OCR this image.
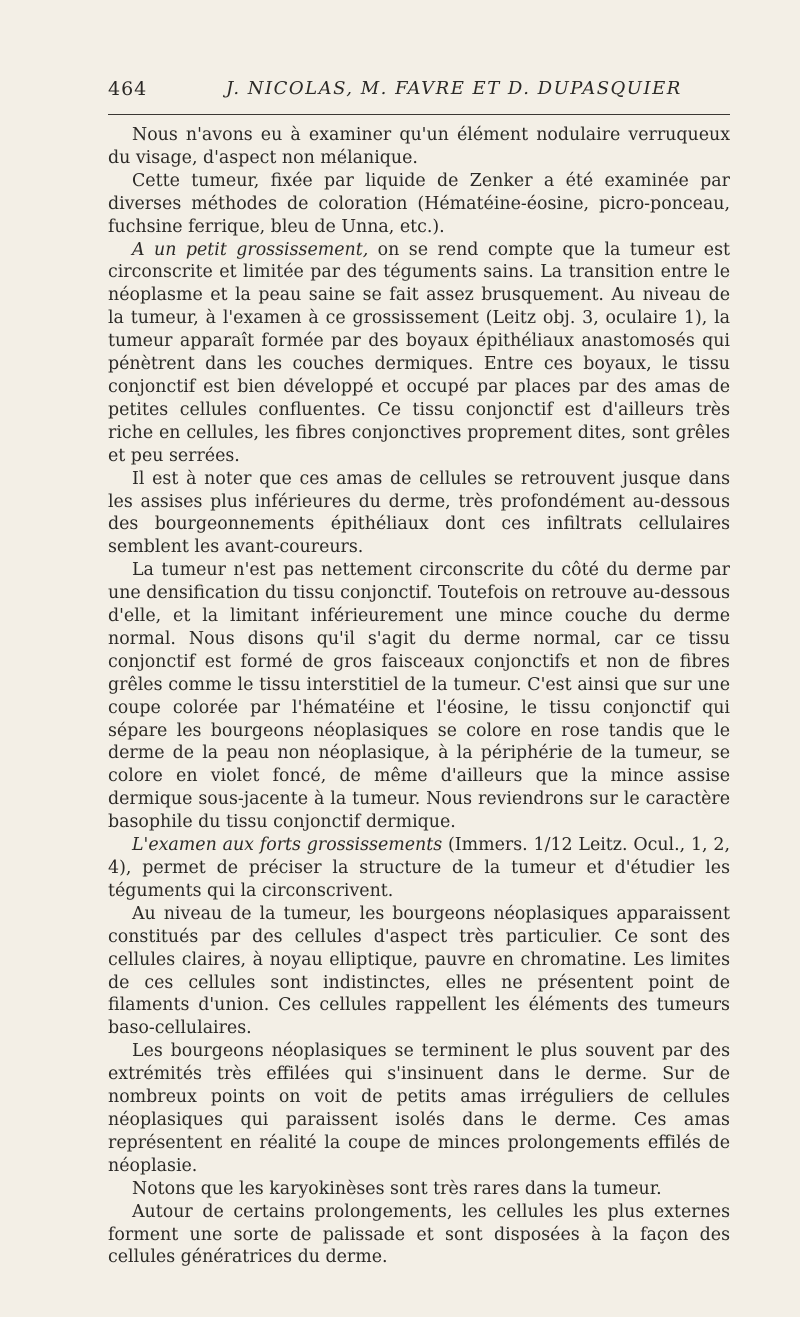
464	J. NICOLAS, M. FAVRE ET D. DUPASQUIER

Nous n'avons eu à examiner qu'un élément nodulaire verruqueux du visage, d'aspect non mélanique.

Cette tumeur, fixée par liquide de Zenker a été examinée par diverses méthodes de coloration (Hématéine-éosine, picro-ponceau, fuchsine ferrique, bleu de Unna, etc.).

A un petit grossissement, on se rend compte que la tumeur est circonscrite et limitée par des téguments sains. La transition entre le néoplasme et la peau saine se fait assez brusquement. Au niveau de la tumeur, à l'examen à ce grossissement (Leitz obj. 3, oculaire 1), la tumeur apparaît formée par des boyaux épithéliaux anastomosés qui pénètrent dans les couches dermiques. Entre ces boyaux, le tissu conjonctif est bien développé et occupé par places par des amas de petites cellules confluentes. Ce tissu conjonctif est d'ailleurs très riche en cellules, les fibres conjonctives proprement dites, sont grêles et peu serrées.

Il est à noter que ces amas de cellules se retrouvent jusque dans les assises plus inférieures du derme, très profondément au-dessous des bourgeonnements épithéliaux dont ces infiltrats cellulaires semblent les avant-coureurs.

La tumeur n'est pas nettement circonscrite du côté du derme par une densification du tissu conjonctif. Toutefois on retrouve au-dessous d'elle, et la limitant inférieurement une mince couche du derme normal. Nous disons qu'il s'agit du derme normal, car ce tissu conjonctif est formé de gros faisceaux conjonctifs et non de fibres grêles comme le tissu interstitiel de la tumeur. C'est ainsi que sur une coupe colorée par l'hématéine et l'éosine, le tissu conjonctif qui sépare les bourgeons néoplasiques se colore en rose tandis que le derme de la peau non néoplasique, à la périphérie de la tumeur, se colore en violet foncé, de même d'ailleurs que la mince assise dermique sous-jacente à la tumeur. Nous reviendrons sur le caractère basophile du tissu conjonctif dermique.

L'examen aux forts grossissements (Immers. 1/12 Leitz. Ocul., 1, 2, 4), permet de préciser la structure de la tumeur et d'étudier les téguments qui la circonscrivent.

Au niveau de la tumeur, les bourgeons néoplasiques apparaissent constitués par des cellules d'aspect très particulier. Ce sont des cellules claires, à noyau elliptique, pauvre en chromatine. Les limites de ces cellules sont indistinctes, elles ne présentent point de filaments d'union. Ces cellules rappellent les éléments des tumeurs baso-cellulaires.

Les bourgeons néoplasiques se terminent le plus souvent par des extrémités très effilées qui s'insinuent dans le derme. Sur de nombreux points on voit de petits amas irréguliers de cellules néoplasiques qui paraissent isolés dans le derme. Ces amas représentent en réalité la coupe de minces prolongements effilés de néoplasie.

Notons que les karyokinèses sont très rares dans la tumeur.

Autour de certains prolongements, les cellules les plus externes forment une sorte de palissade et sont disposées à la façon des cellules génératrices du derme.
